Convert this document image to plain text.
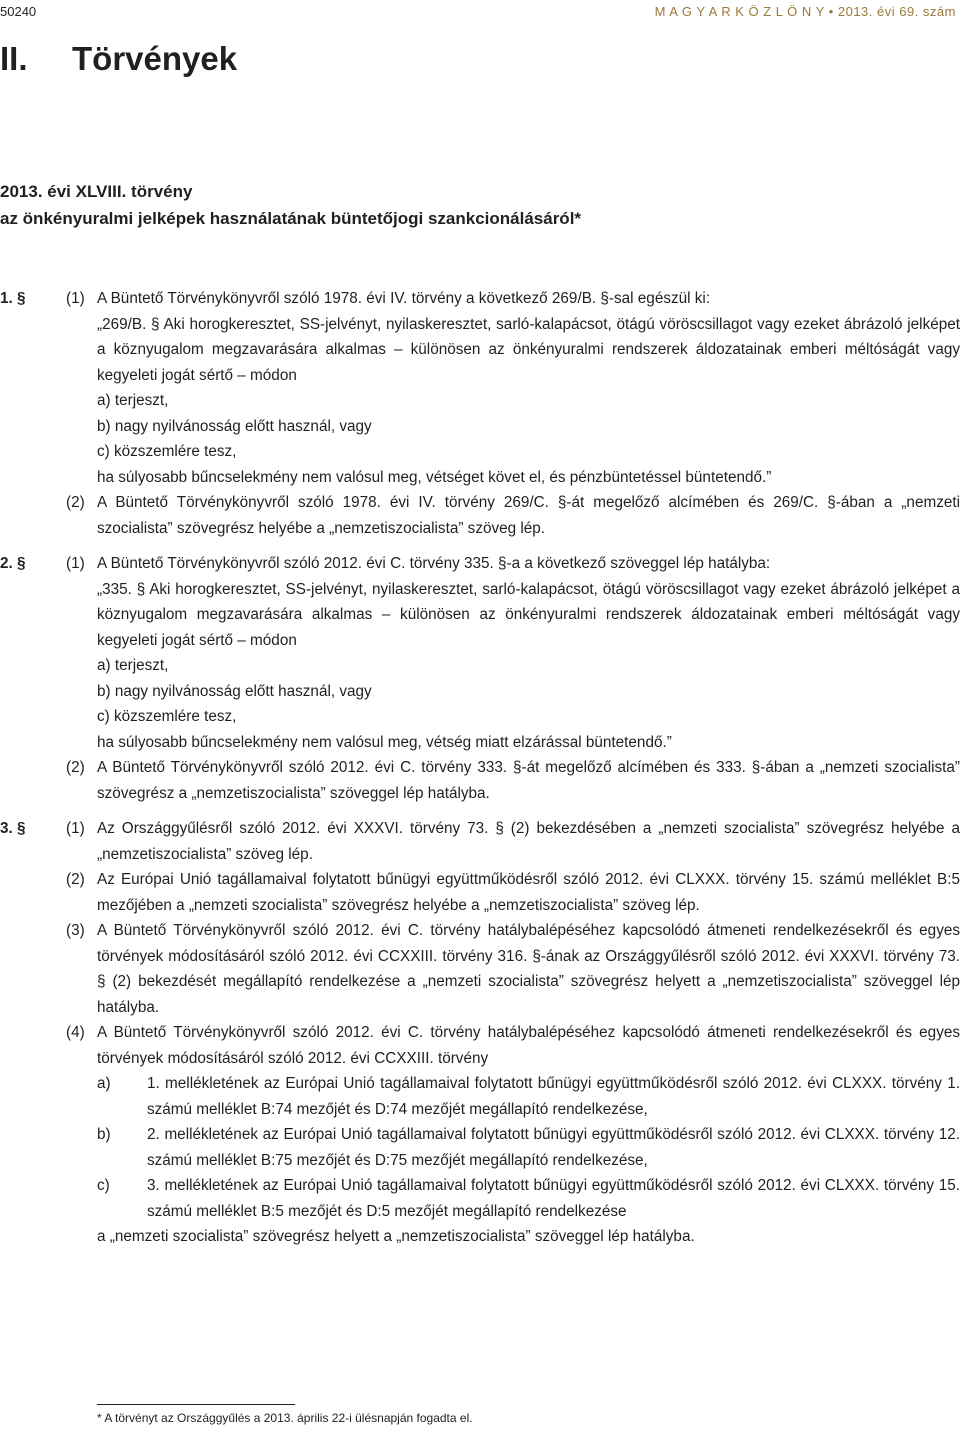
50240	M A G Y A R K Ö Z L Ö N Y • 2013. évi 69. szám
II. Törvények
2013. évi XLVIII. törvény
az önkényuralmi jelképek használatának büntetőjogi szankcionálásáról*
1. §	(1) A Büntető Törvénykönyvről szóló 1978. évi IV. törvény a következő 269/B. §-sal egészül ki:

„269/B. § Aki horogkeresztet, SS-jelvényt, nyilaskeresztet, sarló-kalapácsot, ötágú vöröscsillagot vagy ezeket ábrázoló jelképet a köznyugalom megzavarására alkalmas – különösen az önkényuralmi rendszerek áldozatainak emberi méltóságát vagy kegyeleti jogát sértő – módon

a) terjeszt,

b) nagy nyilvánosság előtt használ, vagy

c) közszemlére tesz,

ha súlyosabb bűncselekmény nem valósul meg, vétséget követ el, és pénzbüntetéssel büntetendő.”

(2) A Büntető Törvénykönyvről szóló 1978. évi IV. törvény 269/C. §-át megelőző alcímében és 269/C. §-ában a „nemzeti szocialista” szövegrész helyébe a „nemzetiszocialista” szöveg lép.
2. §	(1) A Büntető Törvénykönyvről szóló 2012. évi C. törvény 335. §-a a következő szöveggel lép hatályba:

„335. § Aki horogkeresztet, SS-jelvényt, nyilaskeresztet, sarló-kalapácsot, ötágú vöröscsillagot vagy ezeket ábrázoló jelképet a köznyugalom megzavarására alkalmas – különösen az önkényuralmi rendszerek áldozatainak emberi méltóságát vagy kegyeleti jogát sértő – módon

a) terjeszt,

b) nagy nyilvánosság előtt használ, vagy

c) közszemlére tesz,

ha súlyosabb bűncselekmény nem valósul meg, vétség miatt elzárással büntetendő.”

(2) A Büntető Törvénykönyvről szóló 2012. évi C. törvény 333. §-át megelőző alcímében és 333. §-ában a „nemzeti szocialista” szövegrész a „nemzetiszocialista” szöveggel lép hatályba.
3. §	(1) Az Országgyűlésről szóló 2012. évi XXXVI. törvény 73. § (2) bekezdésében a „nemzeti szocialista” szövegrész helyébe a „nemzetiszocialista” szöveg lép.
(2) Az Európai Unió tagállamaival folytatott bűnügyi együttműködésről szóló 2012. évi CLXXX. törvény 15. számú melléklet B:5 mezőjében a „nemzeti szocialista” szövegrész helyébe a „nemzetiszocialista” szöveg lép.
(3) A Büntető Törvénykönyvről szóló 2012. évi C. törvény hatálybalépéséhez kapcsolódó átmeneti rendelkezésekről és egyes törvények módosításáról szóló 2012. évi CCXXIII. törvény 316. §-ának az Országgyűlésről szóló 2012. évi XXXVI. törvény 73. § (2) bekezdését megállapító rendelkezése a „nemzeti szocialista” szövegrész helyett a „nemzetiszocialista” szöveggel lép hatályba.
(4) A Büntető Törvénykönyvről szóló 2012. évi C. törvény hatálybalépéséhez kapcsolódó átmeneti rendelkezésekről és egyes törvények módosításáról szóló 2012. évi CCXXIII. törvény

a) 1. mellékletének az Európai Unió tagállamaival folytatott bűnügyi együttműködésről szóló 2012. évi CLXXX. törvény 1. számú melléklet B:74 mezőjét és D:74 mezőjét megállapító rendelkezése,
b) 2. mellékletének az Európai Unió tagállamaival folytatott bűnügyi együttműködésről szóló 2012. évi CLXXX. törvény 12. számú melléklet B:75 mezőjét és D:75 mezőjét megállapító rendelkezése,
c) 3. mellékletének az Európai Unió tagállamaival folytatott bűnügyi együttműködésről szóló 2012. évi CLXXX. törvény 15. számú melléklet B:5 mezőjét és D:5 mezőjét megállapító rendelkezése

a „nemzeti szocialista” szövegrész helyett a „nemzetiszocialista” szöveggel lép hatályba.

* A törvényt az Országgyűlés a 2013. április 22-i ülésnapján fogadta el.
